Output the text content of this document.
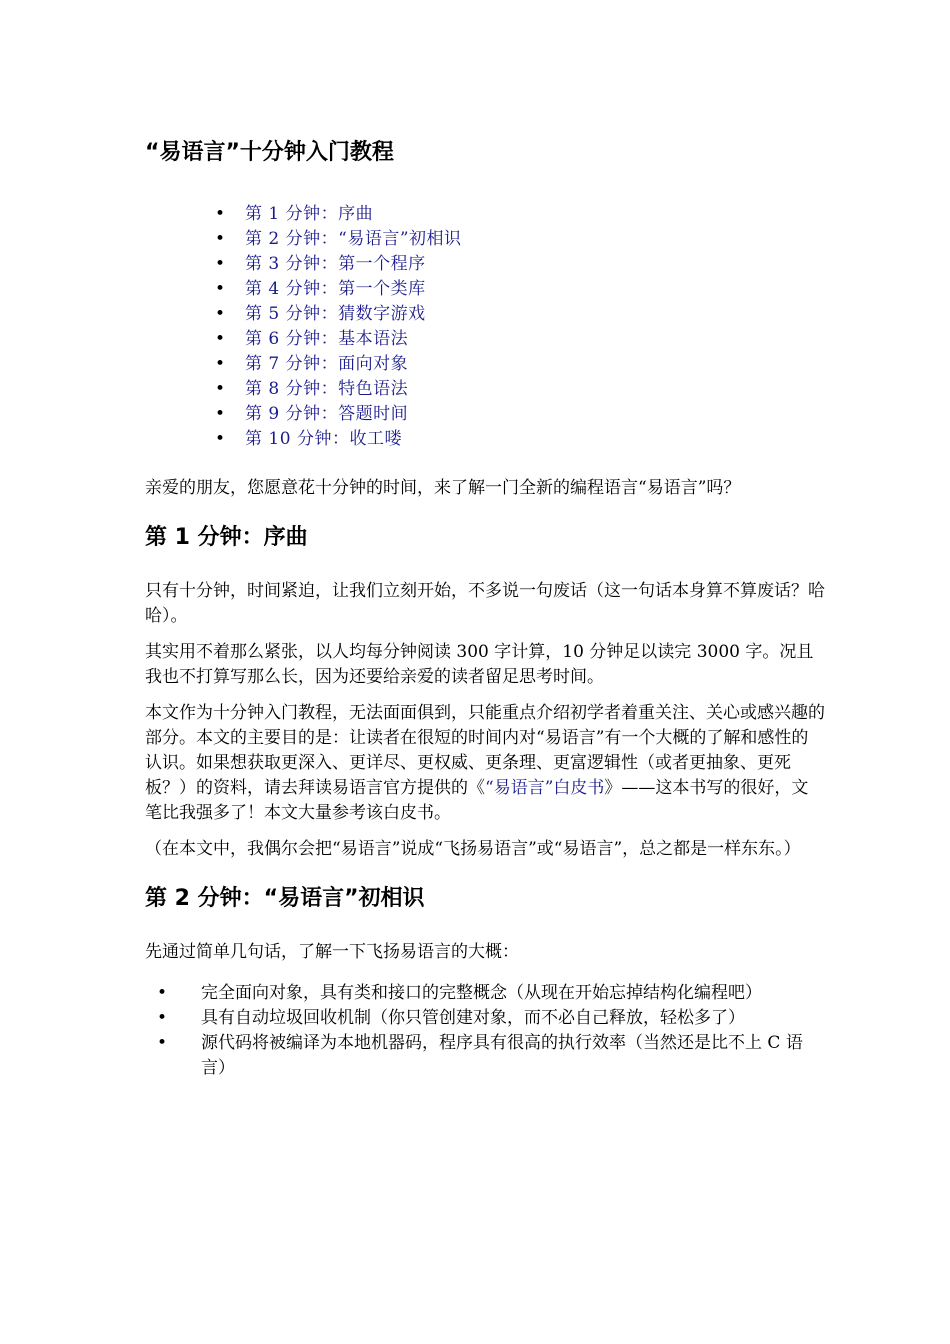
“易语言”十分钟入门教程
• 第 1 分钟：序曲
• 第 2 分钟：“易语言”初相识
• 第 3 分钟：第一个程序
• 第 4 分钟：第一个类库
• 第 5 分钟：猜数字游戏
• 第 6 分钟：基本语法
• 第 7 分钟：面向对象
• 第 8 分钟：特色语法
• 第 9 分钟：答题时间
• 第 10 分钟：收工喽

亲爱的朋友，您愿意花十分钟的时间，来了解一门全新的编程语言“易语言”吗？

第 1 分钟：序曲

只有十分钟，时间紧迫，让我们立刻开始，不多说一句废话（这一句话本身算不算废话？哈哈）。

其实用不着那么紧张，以人均每分钟阅读 300 字计算，10 分钟足以读完 3000 字。况且我也不打算写那么长，因为还要给亲爱的读者留足思考时间。

本文作为十分钟入门教程，无法面面俱到，只能重点介绍初学者着重关注、关心或感兴趣的部分。本文的主要目的是：让读者在很短的时间内对“易语言”有一个大概的了解和感性的认识。如果想获取更深入、更详尽、更权威、更条理、更富逻辑性（或者更抽象、更死板？）的资料，请去拜读易语言官方提供的《“易语言”白皮书》——这本书写的很好，文笔比我强多了！本文大量参考该白皮书。

（在本文中，我偶尔会把“易语言”说成“飞扬易语言”或“易语言”，总之都是一样东东。）

第 2 分钟：“易语言”初相识

先通过简单几句话，了解一下飞扬易语言的大概：

• 完全面向对象，具有类和接口的完整概念（从现在开始忘掉结构化编程吧）
• 具有自动垃圾回收机制（你只管创建对象，而不必自己释放，轻松多了）
• 源代码将被编译为本地机器码，程序具有很高的执行效率（当然还是比不上 C 语言）
